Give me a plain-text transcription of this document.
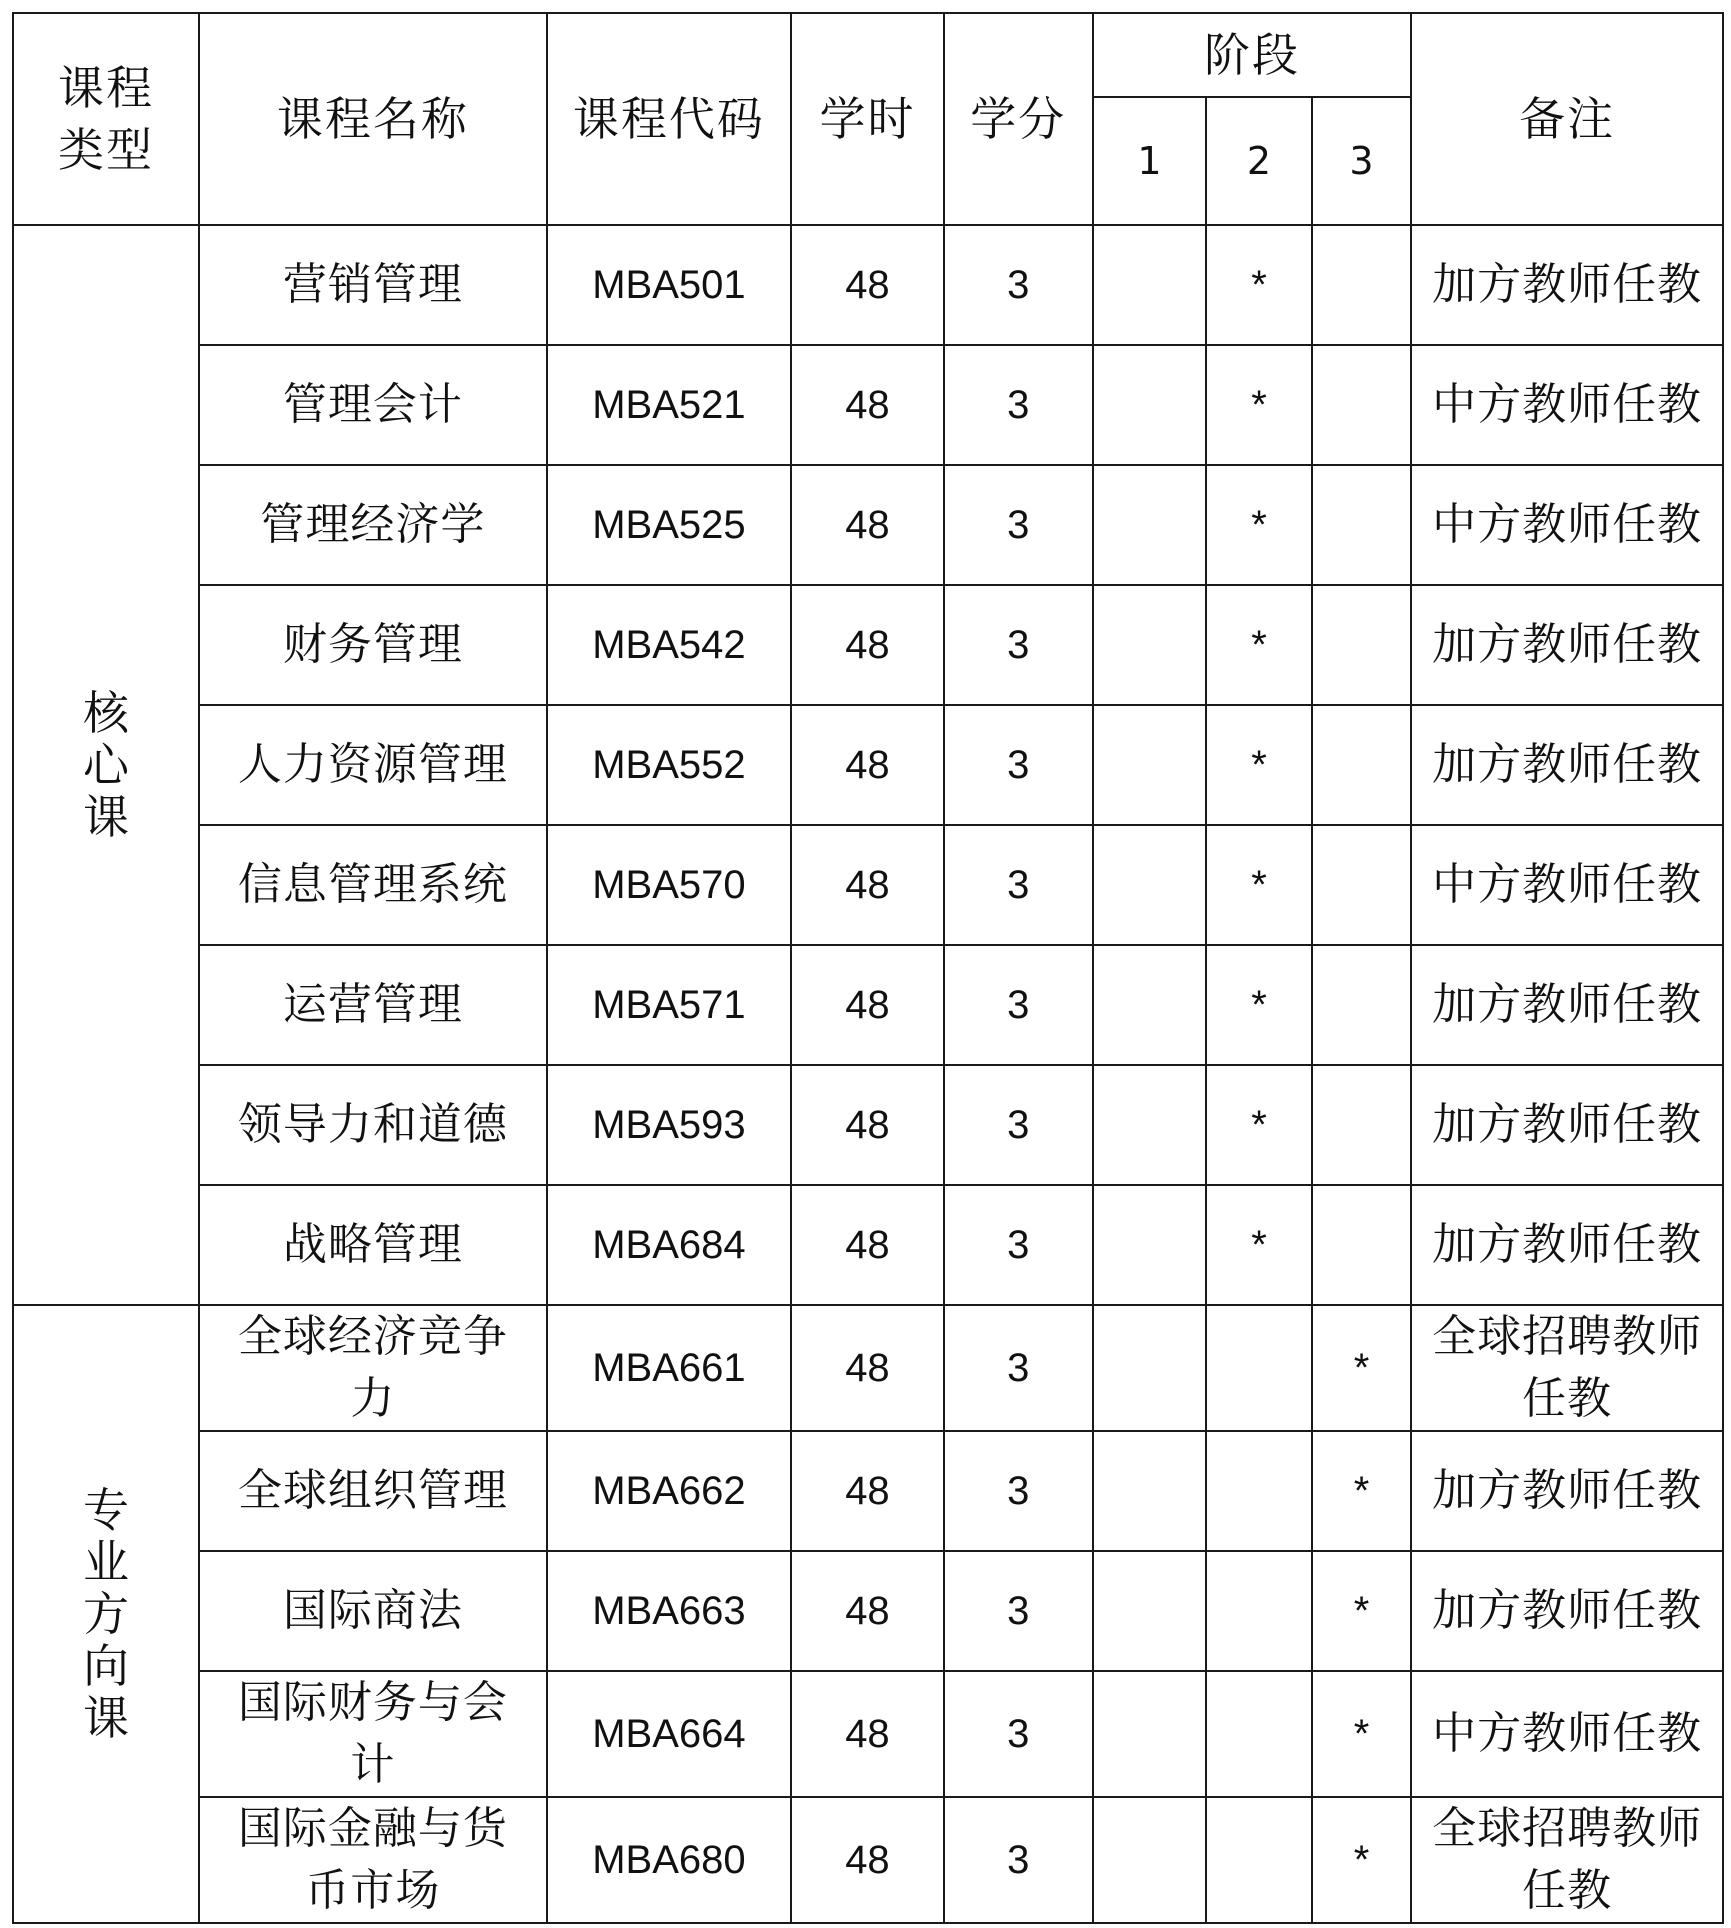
课程类型	课程名称	课程代码	学时	学分	阶段			备注
					1	2	3	
核心课	营销管理	MBA501	48	3		*		加方教师任教
	管理会计	MBA521	48	3		*		中方教师任教
	管理经济学	MBA525	48	3		*		中方教师任教
	财务管理	MBA542	48	3		*		加方教师任教
	人力资源管理	MBA552	48	3		*		加方教师任教
	信息管理系统	MBA570	48	3		*		中方教师任教
	运营管理	MBA571	48	3		*		加方教师任教
	领导力和道德	MBA593	48	3		*		加方教师任教
	战略管理	MBA684	48	3		*		加方教师任教
专业方向课	全球经济竞争力	MBA661	48	3			*	全球招聘教师任教
	全球组织管理	MBA662	48	3			*	加方教师任教
	国际商法	MBA663	48	3			*	加方教师任教
	国际财务与会计	MBA664	48	3			*	中方教师任教
	国际金融与货币市场	MBA680	48	3			*	全球招聘教师任教
